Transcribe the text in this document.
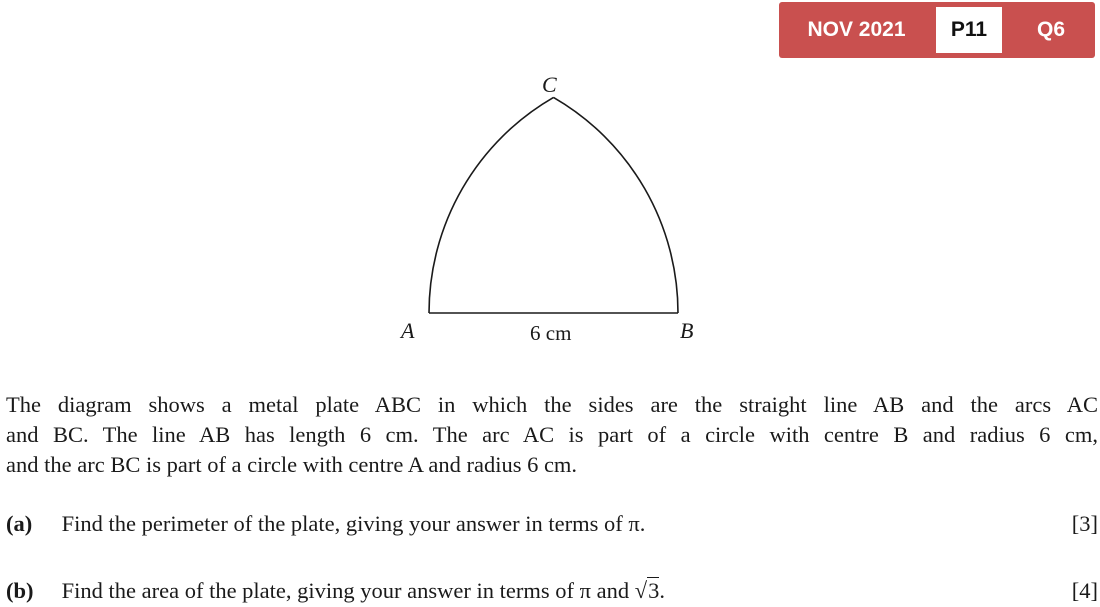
NOV 2021	P11	Q6
C
A	B
6 cm
The diagram shows a metal plate ABC in which the sides are the straight line AB and the arcs AC
and BC. The line AB has length 6 cm. The arc AC is part of a circle with centre B and radius 6 cm,
and the arc BC is part of a circle with centre A and radius 6 cm.
(a) Find the perimeter of the plate, giving your answer in terms of π.	[3]
(b) Find the area of the plate, giving your answer in terms of π and √3.	[4]
